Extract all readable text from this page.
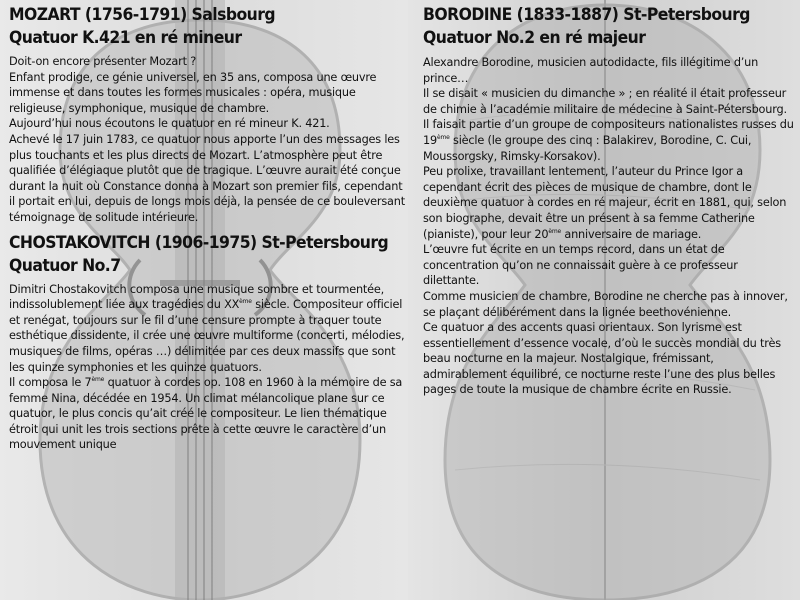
MOZART (1756-1791) Salsbourg
Quatuor K.421 en ré mineur

Doit-on encore présenter Mozart ?

Enfant prodige, ce génie universel, en 35 ans, composa une œuvre immense et dans toutes les formes musicales : opéra, musique religieuse, symphonique, musique de chambre.

Aujourd’hui nous écoutons le quatuor en ré mineur K. 421.

Achevé le 17 juin 1783, ce quatuor nous apporte l’un des messages les plus touchants et les plus directs de Mozart. L’atmosphère peut être qualifiée d’élégiaque plutôt que de tragique. L’œuvre aurait été conçue durant la nuit où Constance donna à Mozart son premier fils, cependant il portait en lui, depuis de longs mois déjà, la pensée de ce bouleversant témoignage de solitude intérieure.

CHOSTAKOVITCH (1906-1975) St-Petersbourg
Quatuor No.7

Dimitri Chostakovitch composa une musique sombre et tourmentée, indissolublement liée aux tragédies du XXème siècle. Compositeur officiel et renégat, toujours sur le fil d’une censure prompte à traquer toute esthétique dissidente, il crée une œuvre multiforme (concerti, mélodies, musiques de films, opéras …) délimitée par ces deux massifs que sont les quinze symphonies et les quinze quatuors.

Il composa le 7ème quatuor à cordes op. 108 en 1960 à la mémoire de sa femme Nina, décédée en 1954. Un climat mélancolique plane sur ce quatuor, le plus concis qu’ait créé le compositeur. Le lien thématique étroit qui unit les trois sections prête à cette œuvre le caractère d’un mouvement unique

BORODINE (1833-1887) St-Petersbourg
Quatuor No.2 en ré majeur

Alexandre Borodine, musicien autodidacte, fils illégitime d’un prince…

Il se disait « musicien du dimanche » ; en réalité il était professeur de chimie à l’académie militaire de médecine à Saint-Pétersbourg.

Il faisait partie d’un groupe de compositeurs nationalistes russes du 19ème siècle (le groupe des cinq : Balakirev, Borodine, C. Cui, Moussorgsky, Rimsky-Korsakov).

Peu prolixe, travaillant lentement, l’auteur du Prince Igor a cependant écrit des pièces de musique de chambre, dont le deuxième quatuor à cordes en ré majeur, écrit en 1881, qui, selon son biographe, devait être un présent à sa femme Catherine (pianiste), pour leur 20ème anniversaire de mariage.

L’œuvre fut écrite en un temps record, dans un état de concentration qu’on ne connaissait guère à ce professeur dilettante.

Comme musicien de chambre, Borodine ne cherche pas à innover, se plaçant délibérément dans la lignée beethovénienne.

Ce quatuor a des accents quasi orientaux. Son lyrisme est essentiellement d’essence vocale, d’où le succès mondial du très beau nocturne en la majeur. Nostalgique, frémissant, admirablement équilibré, ce nocturne reste l’une des plus belles pages de toute la musique de chambre écrite en Russie.
